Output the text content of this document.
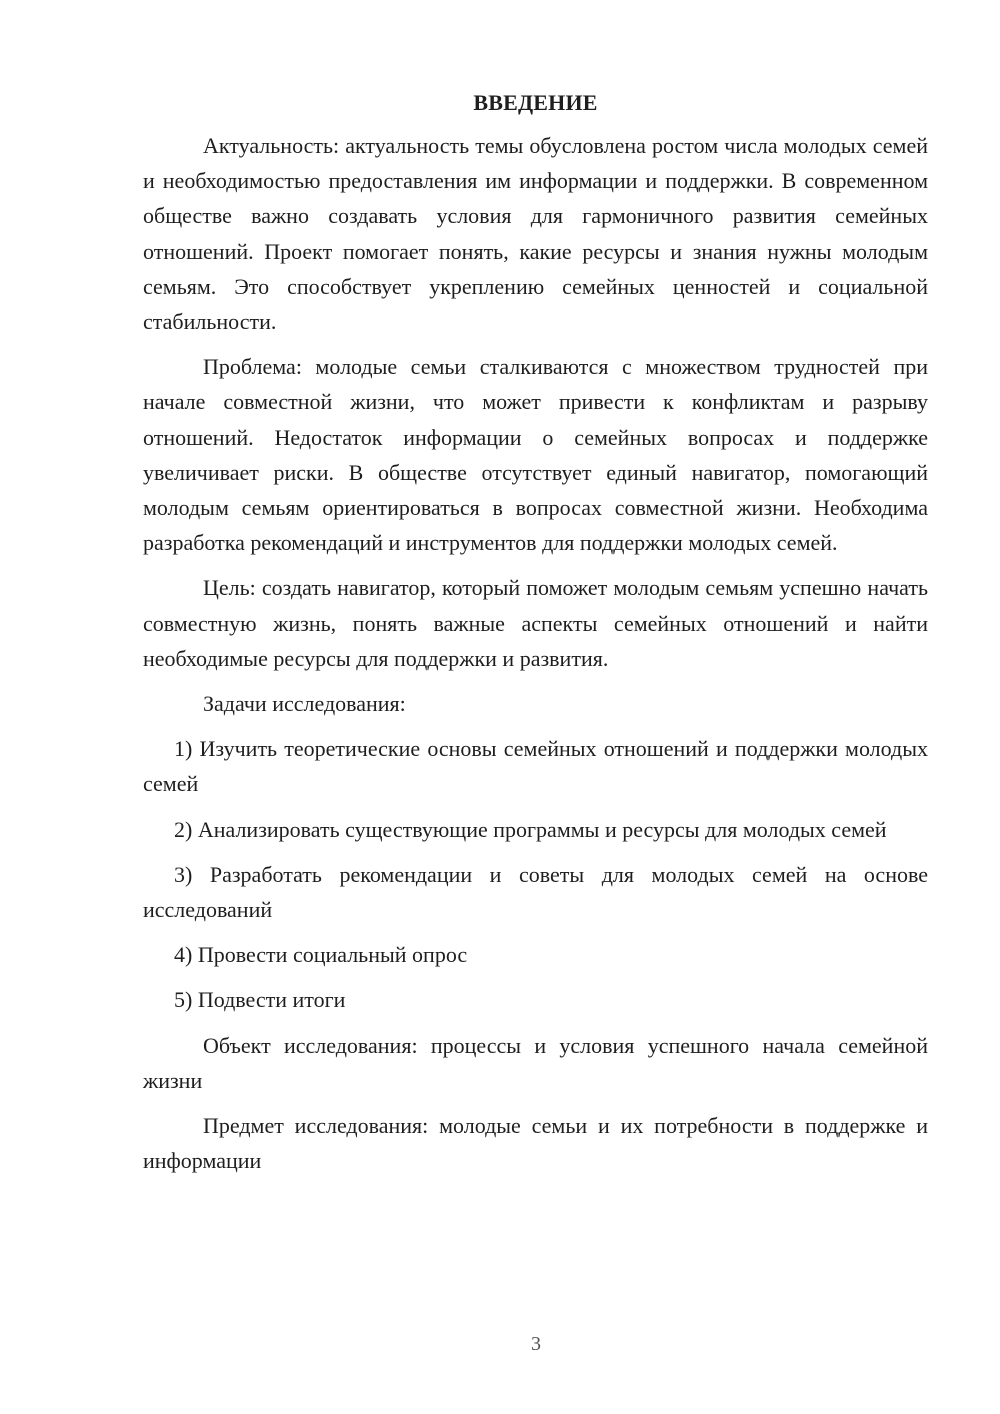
ВВЕДЕНИЕ

Актуальность: актуальность темы обусловлена ростом числа молодых семей и необходимостью предоставления им информации и поддержки. В современном обществе важно создавать условия для гармоничного развития семейных отношений. Проект помогает понять, какие ресурсы и знания нужны молодым семьям. Это способствует укреплению семейных ценностей и социальной стабильности.

Проблема: молодые семьи сталкиваются с множеством трудностей при начале совместной жизни, что может привести к конфликтам и разрыву отношений. Недостаток информации о семейных вопросах и поддержке увеличивает риски. В обществе отсутствует единый навигатор, помогающий молодым семьям ориентироваться в вопросах совместной жизни. Необходима разработка рекомендаций и инструментов для поддержки молодых семей.

Цель: создать навигатор, который поможет молодым семьям успешно начать совместную жизнь, понять важные аспекты семейных отношений и найти необходимые ресурсы для поддержки и развития.

Задачи исследования:

1) Изучить теоретические основы семейных отношений и поддержки молодых семей

2) Анализировать существующие программы и ресурсы для молодых семей

3) Разработать рекомендации и советы для молодых семей на основе исследований

4) Провести социальный опрос

5) Подвести итоги

Объект исследования: процессы и условия успешного начала семейной жизни

Предмет исследования: молодые семьи и их потребности в поддержке и информации

3
